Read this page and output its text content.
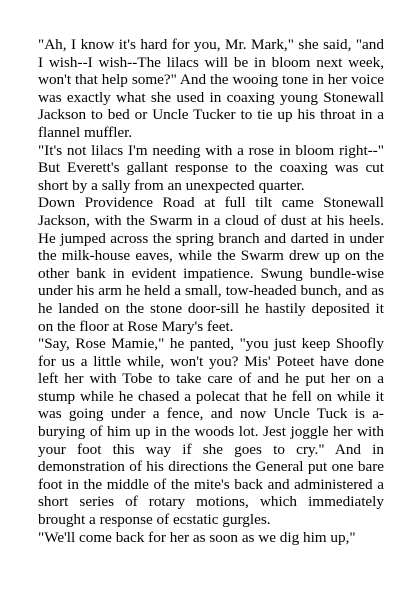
"Ah, I know it's hard for you, Mr. Mark," she said, "and I wish--I wish--The lilacs will be in bloom next week, won't that help some?" And the wooing tone in her voice was exactly what she used in coaxing young Stonewall Jackson to bed or Uncle Tucker to tie up his throat in a flannel muffler.

"It's not lilacs I'm needing with a rose in bloom right--" But Everett's gallant response to the coaxing was cut short by a sally from an unexpected quarter.

Down Providence Road at full tilt came Stonewall Jackson, with the Swarm in a cloud of dust at his heels. He jumped across the spring branch and darted in under the milk-house eaves, while the Swarm drew up on the other bank in evident impatience. Swung bundle-wise under his arm he held a small, tow-headed bunch, and as he landed on the stone door-sill he hastily deposited it on the floor at Rose Mary's feet.

"Say, Rose Mamie," he panted, "you just keep Shoofly for us a little while, won't you? Mis' Poteet have done left her with Tobe to take care of and he put her on a stump while he chased a polecat that he fell on while it was going under a fence, and now Uncle Tuck is a-burying of him up in the woods lot. Jest joggle her with your foot this way if she goes to cry." And in demonstration of his directions the General put one bare foot in the middle of the mite's back and administered a short series of rotary motions, which immediately brought a response of ecstatic gurgles.

"We'll come back for her as soon as we dig him up,"
